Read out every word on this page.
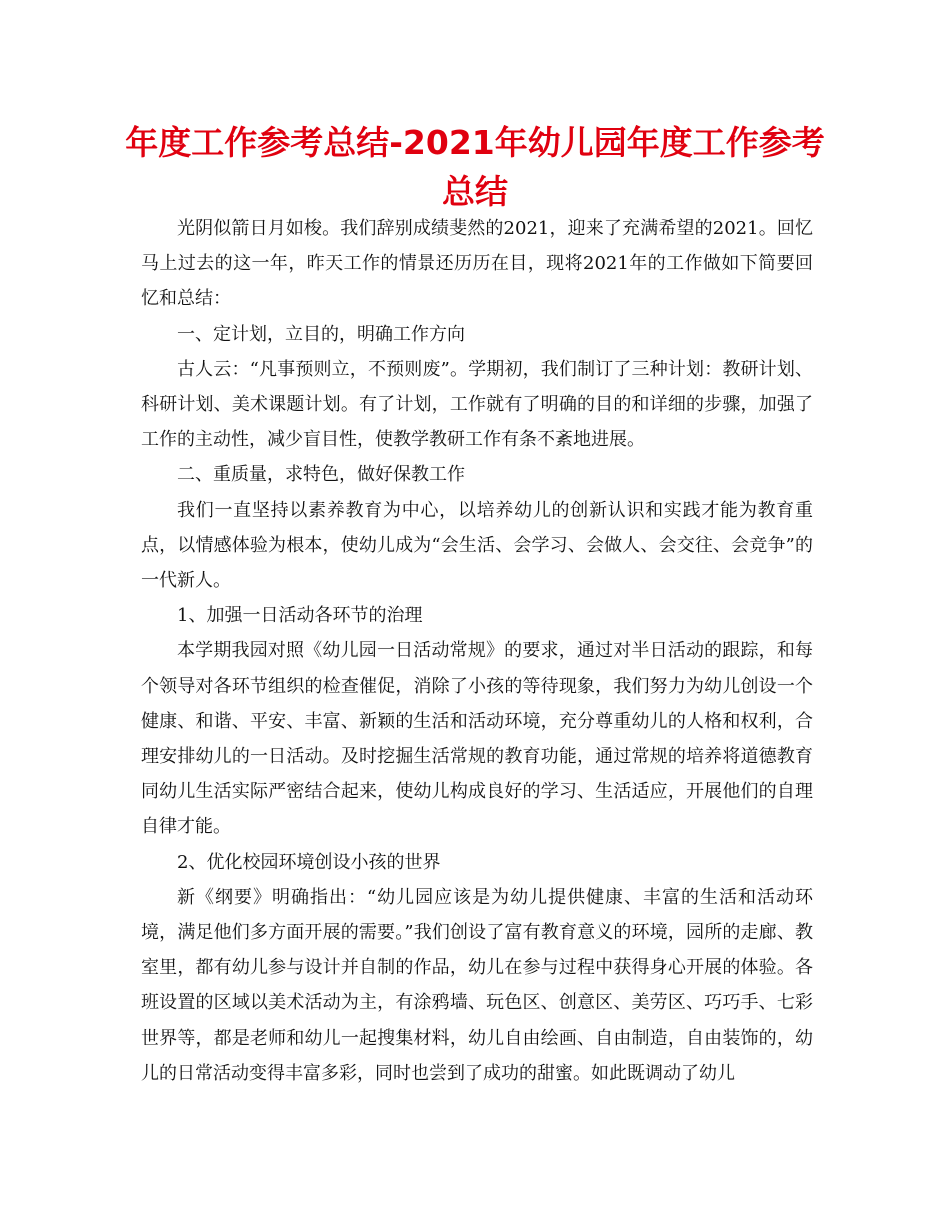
年度工作参考总结-2021年幼儿园年度工作参考总结

光阴似箭日月如梭。我们辞别成绩斐然的2021，迎来了充满希望的2021。回忆马上过去的这一年，昨天工作的情景还历历在目，现将2021年的工作做如下简要回忆和总结：

一、定计划，立目的，明确工作方向

古人云：“凡事预则立，不预则废”。学期初，我们制订了三种计划：教研计划、科研计划、美术课题计划。有了计划，工作就有了明确的目的和详细的步骤，加强了工作的主动性，减少盲目性，使教学教研工作有条不紊地进展。

二、重质量，求特色，做好保教工作

我们一直坚持以素养教育为中心，以培养幼儿的创新认识和实践才能为教育重点，以情感体验为根本，使幼儿成为“会生活、会学习、会做人、会交往、会竞争”的一代新人。

1、加强一日活动各环节的治理

本学期我园对照《幼儿园一日活动常规》的要求，通过对半日活动的跟踪，和每个领导对各环节组织的检查催促，消除了小孩的等待现象，我们努力为幼儿创设一个健康、和谐、平安、丰富、新颖的生活和活动环境，充分尊重幼儿的人格和权利，合理安排幼儿的一日活动。及时挖掘生活常规的教育功能，通过常规的培养将道德教育同幼儿生活实际严密结合起来，使幼儿构成良好的学习、生活适应，开展他们的自理自律才能。

2、优化校园环境创设小孩的世界

新《纲要》明确指出：“幼儿园应该是为幼儿提供健康、丰富的生活和活动环境，满足他们多方面开展的需要。”我们创设了富有教育意义的环境，园所的走廊、教室里，都有幼儿参与设计并自制的作品，幼儿在参与过程中获得身心开展的体验。各班设置的区域以美术活动为主，有涂鸦墙、玩色区、创意区、美劳区、巧巧手、七彩世界等，都是老师和幼儿一起搜集材料，幼儿自由绘画、自由制造，自由装饰的，幼儿的日常活动变得丰富多彩，同时也尝到了成功的甜蜜。如此既调动了幼儿
